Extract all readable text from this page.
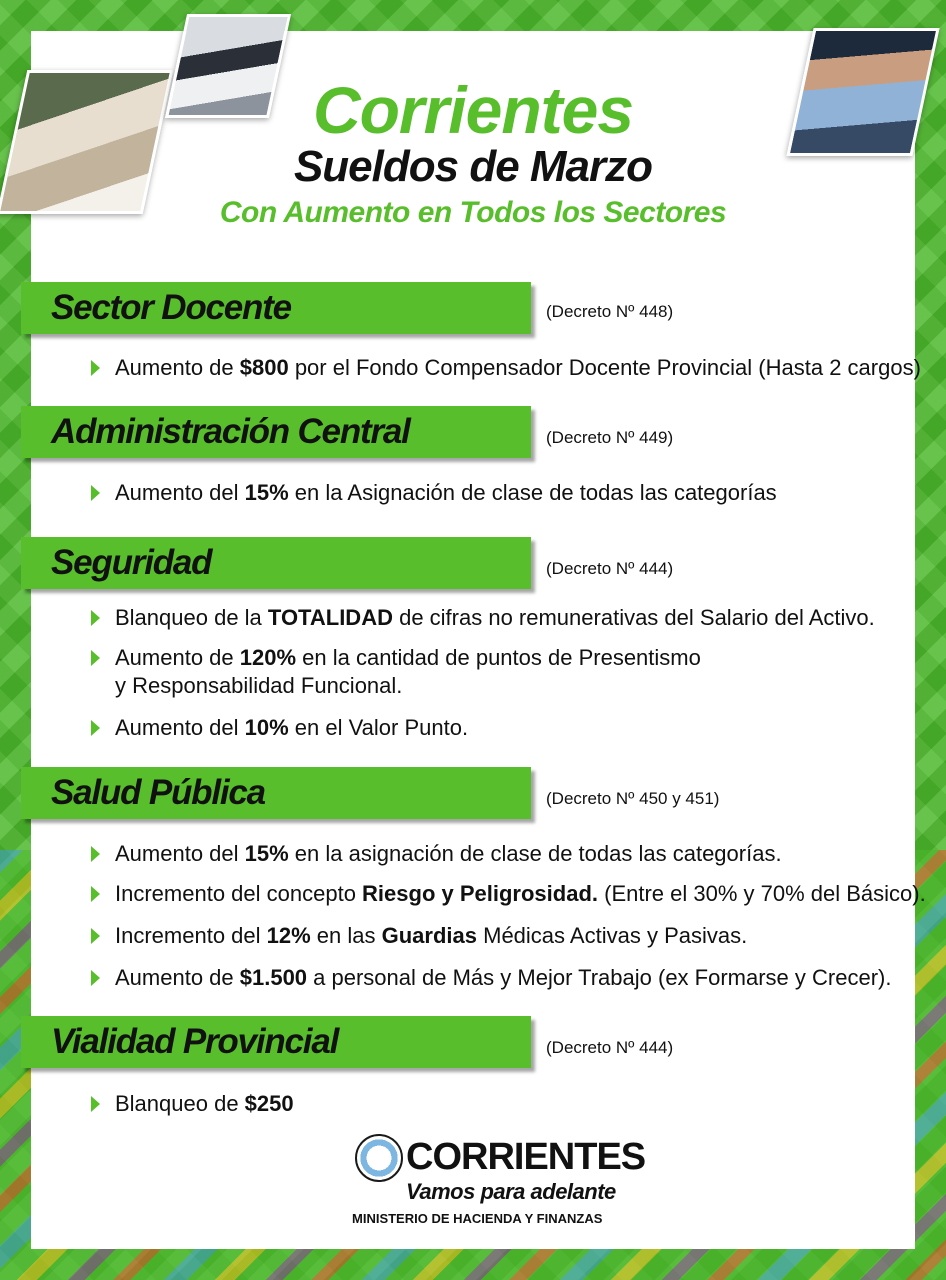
Corrientes
Sueldos de Marzo
Con Aumento en Todos los Sectores
Sector Docente	(Decreto Nº 448)
Aumento de $800 por el Fondo Compensador Docente Provincial (Hasta 2 cargos)
Administración Central	(Decreto Nº 449)
Aumento del 15% en la Asignación de clase de todas las categorías
Seguridad	(Decreto Nº 444)
Blanqueo de la TOTALIDAD de cifras no remunerativas del Salario del Activo.
Aumento de 120% en la cantidad de puntos de Presentismo
y Responsabilidad Funcional.
Aumento del 10% en el Valor Punto.
Salud Pública	(Decreto Nº 450 y 451)
Aumento del 15% en la asignación de clase de todas las categorías.
Incremento del concepto Riesgo y Peligrosidad. (Entre el 30% y 70% del Básico).
Incremento del 12% en las Guardias Médicas Activas y Pasivas.
Aumento de $1.500 a personal de Más y Mejor Trabajo (ex Formarse y Crecer).
Vialidad Provincial	(Decreto Nº 444)
Blanqueo de $250
CORRIENTES
Vamos para adelante
MINISTERIO DE HACIENDA Y FINANZAS
